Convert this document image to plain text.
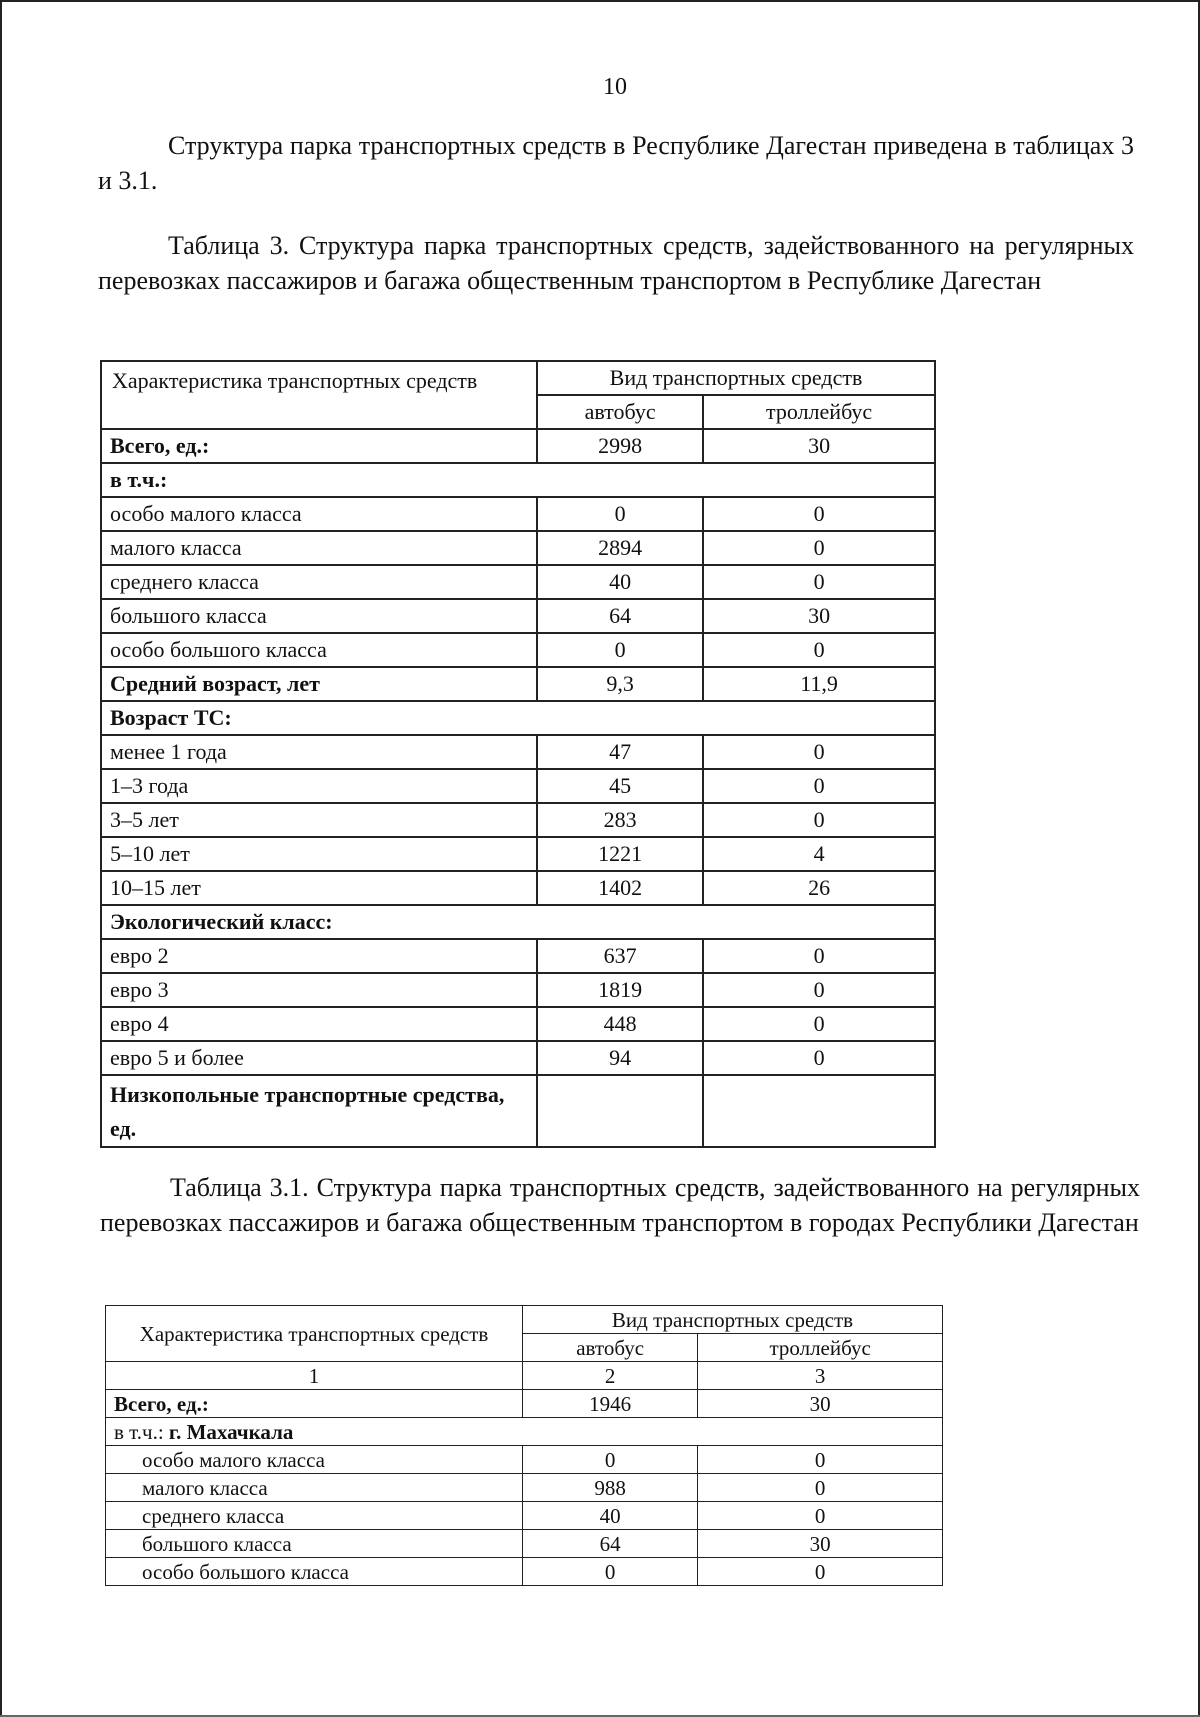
10
Структура парка транспортных средств в Республике Дагестан приведена в таблицах 3 и 3.1.
Таблица 3. Структура парка транспортных средств, задействованного на регулярных перевозках пассажиров и багажа общественным транспортом в Республике Дагестан
Характеристика транспортных средств	Вид транспортных средств	
	автобус	троллейбус
Всего, ед.:	2998	30
в т.ч.:		
особо малого класса	0	0
малого класса	2894	0
среднего класса	40	0
большого класса	64	30
особо большого класса	0	0
Средний возраст, лет	9,3	11,9
Возраст ТС:		
менее 1 года	47	0
1–3 года	45	0
3–5 лет	283	0
5–10 лет	1221	4
10–15 лет	1402	26
Экологический класс:		
евро 2	637	0
евро 3	1819	0
евро 4	448	0
евро 5 и более	94	0
Низкопольные транспортные средства, ед.		
Таблица 3.1. Структура парка транспортных средств, задействованного на регулярных перевозках пассажиров и багажа общественным транспортом в городах Республики Дагестан
Характеристика транспортных средств	Вид транспортных средств	
	автобус	троллейбус
1	2	3
Всего, ед.:	1946	30
в т.ч.: г. Махачкала		
особо малого класса	0	0
малого класса	988	0
среднего класса	40	0
большого класса	64	30
особо большого класса	0	0
